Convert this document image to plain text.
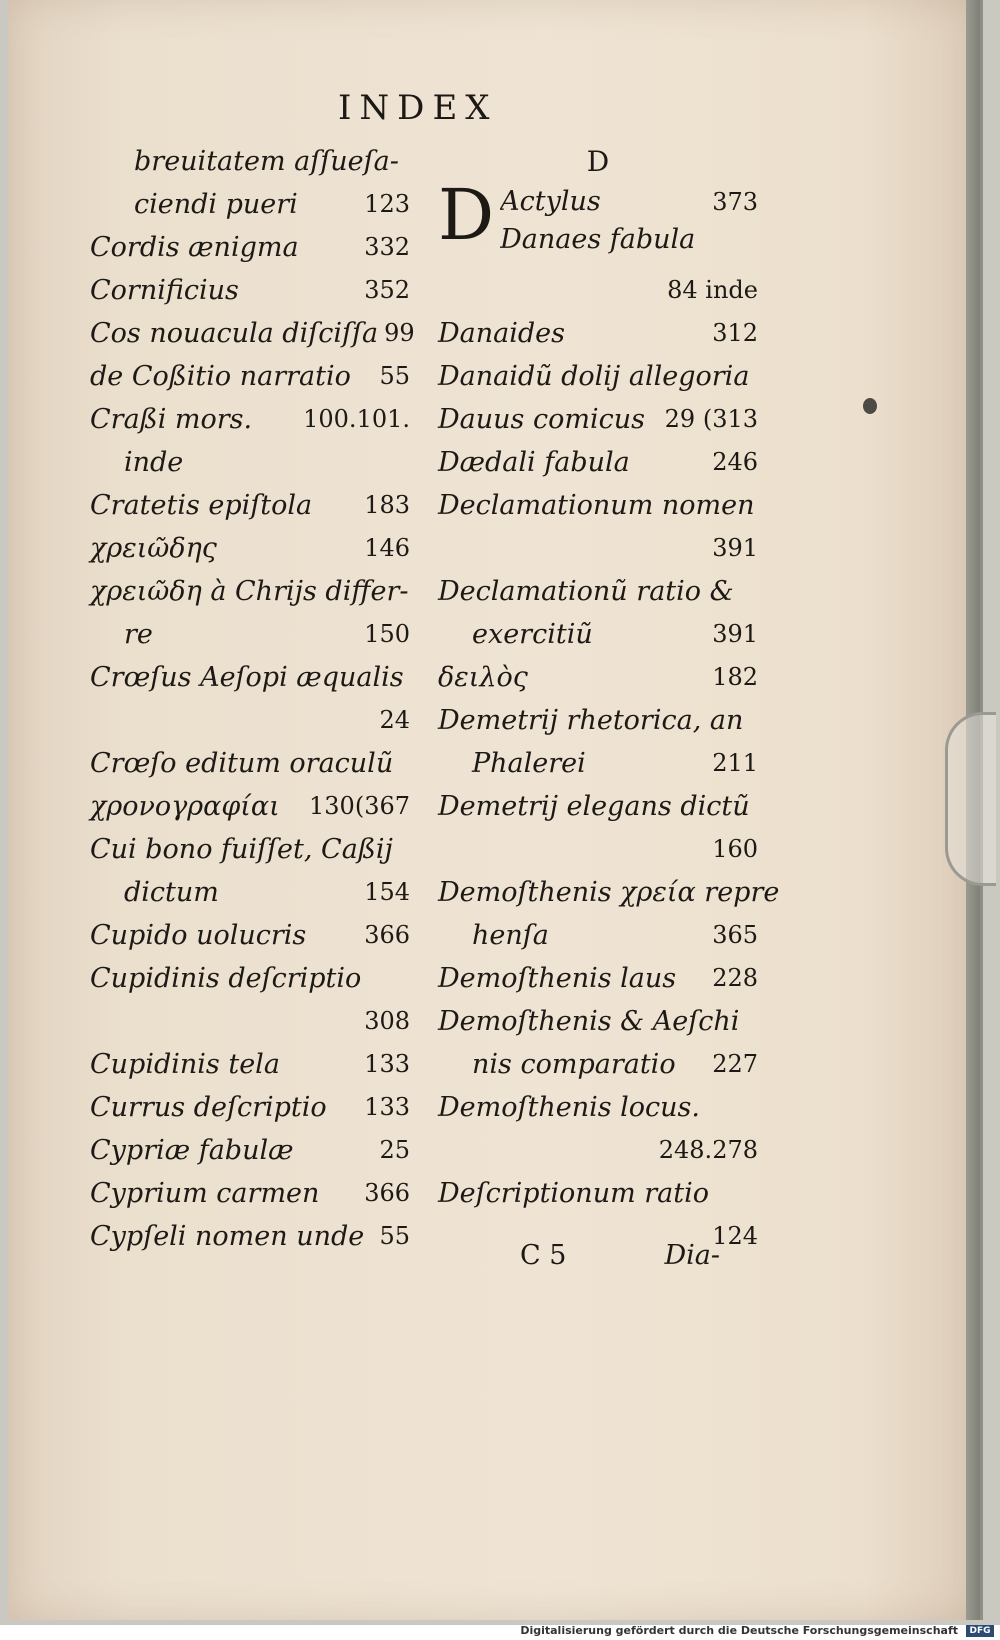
INDEX
breuitatem aſſueſa-
ciendi pueri	123
Cordis ænigma	332
Cornificius	352
Cos nouacula diſciſſa 99
de Coßitio narratio 55
Craßi mors. 100.101.
inde
Cratetis epiſtola 183
χρειῶδης	146
χρειῶδη à Chrijs differ-
re	150
Crœſus Aeſopi æqualis
24
Crœſo editum oraculũ
χρονογραφίαι 130(367
Cui bono fuiſſet, Caßij
dictum	154
Cupido uolucris 366
Cupidinis deſcriptio
308
Cupidinis tela	133
Currus deſcriptio 133
Cypriæ fabulæ	25
Cyprium carmen 366
Cypſeli nomen unde 55
D
D Actylus	373
Danaes fabula
84 inde
Danaides	312
Danaidũ dolij allegoria
Dauus comicus 29 (313
Dædali fabula	246
Declamationum nomen
391
Declamationũ ratio &
exercitiũ	391
δειλὸς	182
Demetrij rhetorica, an
Phalerei	211
Demetrij elegans dictũ
160
Demoſthenis χρεία repre
henſa	365
Demoſthenis laus 228
Demoſthenis & Aeſchi
nis comparatio 227
Demoſthenis locus.
248.278
Deſcriptionum ratio
124
C 5	Dia-
Digitalisierung gefördert durch die Deutsche Forschungsgemeinschaft	DFG
